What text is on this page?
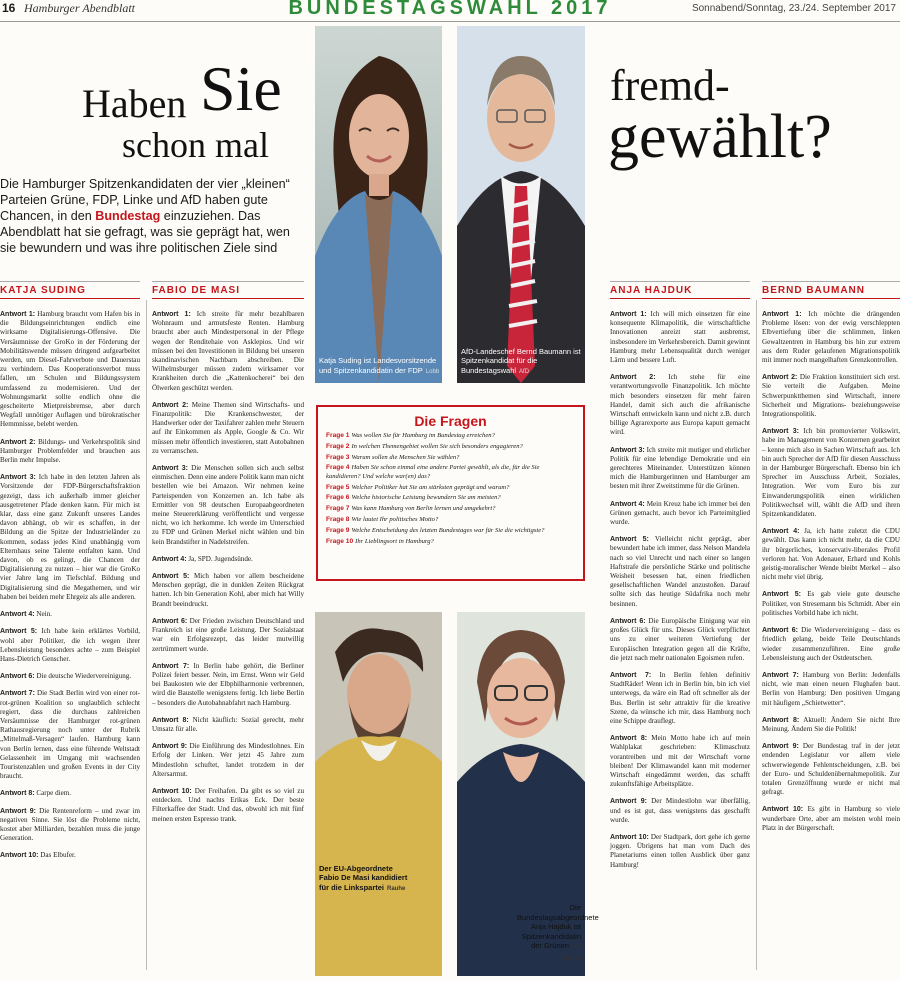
16 Hamburger Abendblatt	BUNDESTAGSWAHL 2017	Sonnabend/Sonntag, 23./24. September 2017
Haben Sie
schon mal
fremd-
gewählt?

Die Hamburger Spitzenkandidaten der vier „kleinen“ Parteien Grüne, FDP, Linke und AfD haben gute Chancen, in den Bundestag einzuziehen. Das Abendblatt hat sie gefragt, was sie geprägt hat, wen sie bewundern und was ihre politischen Ziele sind

Katja Suding ist Landesvorsitzende und Spitzenkandidatin der FDP Lobb
AfD-Landeschef Bernd Baumann ist Spitzenkandidat für die Bundestagswahl AfD
Der EU-Abgeordnete Fabio De Masi kandidiert für die Linkspartei Rauhe
Die Bundestagsabgeordnete Anja Hajduk ist Spitzenkandidatin der Grünen Die Grünen
KATJA SUDING	FABIO DE MASI	ANJA HAJDUK	BERND BAUMANN

Antwort 1: Hamburg braucht vom Hafen bis in die Bildungseinrichtungen endlich eine wirksame Digitalisierungs-Offensive. Die Versäumnisse der GroKo in der Förderung der Mobilitätswende müssen dringend aufgearbeitet werden, um Diesel-Fahrverbote und Dauerstau zu verhindern. Das Kooperationsverbot muss fallen, um Schulen und Bildungssystem umfassend zu modernisieren. Und der Wohnungsmarkt sollte endlich ohne die gescheiterte Mietpreisbremse, aber durch Wegfall unnötiger Auflagen und bürokratischer Hemmnisse, belebt werden.

Antwort 2: Bildungs- und Verkehrspolitik sind Hamburger Problemfelder und brauchen aus Berlin mehr Impulse.

Antwort 3: Ich habe in den letzten Jahren als Vorsitzende der FDP-Bürgerschaftsfraktion gezeigt, dass ich außerhalb immer gleicher ausgetretener Pfade denken kann. Für mich ist klar, dass eine ganz Zukunft unseres Landes davon abhängt, ob wir es schaffen, in der Bildung an die Spitze der Industrieländer zu kommen, sodass jedes Kind unabhängig vom Elternhaus seine Talente entfalten kann. Und davon, ob es gelingt, die Chancen der Digitalisierung zu nutzen – hier war die GroKo vier Jahre lang im Tiefschlaf. Bildung und Digitalisierung sind die Megathemen, und wir haben bei beiden mehr Ehrgeiz als alle anderen.

Antwort 4: Nein.

Antwort 5: Ich habe kein erklärtes Vorbild, wohl aber Politiker, die ich wegen ihrer Lebensleistung besonders achte – zum Beispiel Hans-Dietrich Genscher.

Antwort 6: Die deutsche Wiedervereinigung.

Antwort 7: Die Stadt Berlin wird von einer rot-rot-grünen Koalition so unglaublich schlecht regiert, dass die durchaus zahlreichen Versäumnisse der Hamburger rot-grünen Rathausregierung noch unter der Rubrik „Mittelmaß-Versagen“ laufen. Hamburg kann von Berlin lernen, dass eine führende Weltstadt Gelassenheit im Umgang mit wachsenden Touristenzahlen und großen Events in der City braucht.

Antwort 8: Carpe diem.

Antwort 9: Die Rentenreform – und zwar im negativen Sinne. Sie löst die Probleme nicht, kostet aber Milliarden, bezahlen muss die junge Generation.

Antwort 10: Das Elbufer.

Antwort 1: Ich streite für mehr bezahlbaren Wohnraum und armutsfeste Renten. Hamburg braucht aber auch Mindestpersonal in der Pflege wegen der Renditehaie von Asklepios. Und wir müssen bei den Investitionen in Bildung bei unseren skandinavischen Nachbarn abschreiben. Die Wilhelmsburger müssen zudem wirksamer vor Krankheiten durch die „Kattenkocherei“ bei den Ölwerken geschützt werden.

Antwort 2: Meine Themen sind Wirtschafts- und Finanzpolitik: Die Krankenschwester, der Handwerker oder der Taxifahrer zahlen mehr Steuern auf ihr Einkommen als Apple, Google & Co. Wir müssen mehr öffentlich investieren, statt Autobahnen zu verramschen.

Antwort 3: Die Menschen sollen sich auch selbst einmischen. Denn eine andere Politik kann man nicht bestellen wie bei Amazon. Wir nehmen keine Parteispenden von Konzernen an. Ich habe als Ermittler von 98 deutschen Europaabgeordneten meine Steuererklärung veröffentlicht und vergesse nicht, wo ich herkomme. Ich werde im Unterschied zu FDP und Grünen Merkel nicht wählen und bin kein Brandstifter in Nadelstreifen.

Antwort 4: Ja, SPD. Jugendsünde.

Antwort 5: Mich haben vor allem bescheidene Menschen geprägt, die in dunklen Zeiten Rückgrat hatten. Ich bin Generation Kohl, aber mich hat Willy Brandt beeindruckt.

Antwort 6: Der Frieden zwischen Deutschland und Frankreich ist eine große Leistung. Der Sozialstaat war ein Erfolgsrezept, das leider mutwillig zertrümmert wurde.

Antwort 7: In Berlin habe gehört, die Berliner Polizei feiert besser. Nein, im Ernst. Wenn wir Geld bei Baukosten wie der Elbphilharmonie verbrennen, wird die Baustelle wenigstens fertig. Ich liebe Berlin – besonders die Autobahnabfahrt nach Hamburg.

Antwort 8: Nicht käuflich: Sozial gerecht, mehr Umsatz für alle.

Antwort 9: Die Einführung des Mindestlohnes. Ein Erfolg der Linken. Wer jetzt 45 Jahre zum Mindestlohn schuftet, landet trotzdem in der Altersarmut.

Antwort 10: Der Freihafen. Da gibt es so viel zu entdecken. Und nachts Erikas Eck. Der beste Filterkaffee der Stadt. Und das, obwohl ich mit fünf meinen ersten Espresso trank.

Antwort 1: Ich will mich einsetzen für eine konsequente Klimapolitik, die wirtschaftliche Innovationen anreizt statt ausbremst, insbesondere im Verkehrsbereich. Damit gewinnt Hamburg mehr Lebensqualität durch weniger Lärm und bessere Luft.

Antwort 2: Ich stehe für eine verantwortungsvolle Finanzpolitik. Ich möchte mich besonders einsetzen für mehr fairen Handel, damit sich auch die afrikanische Wirtschaft entwickeln kann und nicht z.B. durch billige Agrarexporte aus Europa kaputt gemacht wird.

Antwort 3: Ich streite mit mutiger und ehrlicher Politik für eine lebendige Demokratie und ein gerechteres Miteinander. Unterstützen können mich die Hamburgerinnen und Hamburger am besten mit ihrer Zweitstimme für die Grünen.

Antwort 4: Mein Kreuz habe ich immer bei den Grünen gemacht, auch bevor ich Parteimitglied wurde.

Antwort 5: Vielleicht nicht geprägt, aber bewundert habe ich immer, dass Nelson Mandela nach so viel Unrecht und nach einer so langen Haftstrafe die persönliche Stärke und politische Weisheit besessen hat, einen friedlichen gesellschaftlichen Wandel anzustoßen. Darauf sollte sich das heutige Südafrika noch mehr besinnen.

Antwort 6: Die Europäische Einigung war ein großes Glück für uns. Dieses Glück verpflichtet uns zu einer weiteren Vertiefung der Europäischen Integration gegen all die Kräfte, die jetzt nach mehr nationalen Egoismen rufen.

Antwort 7: In Berlin fehlen definitiv StadtRäder! Wenn ich in Berlin bin, bin ich viel unterwegs, da wäre ein Rad oft schneller als der Bus. Berlin ist sehr attraktiv für die kreative Szene, da wünsche ich mir, dass Hamburg noch eine Schippe drauflegt.

Antwort 8: Mein Motto habe ich auf mein Wahlplakat geschrieben: Klimaschutz vorantreiben und mit der Wirtschaft vorne bleiben! Der Klimawandel kann mit moderner Wirtschaft eingedämmt werden, das schafft zukunftsfähige Arbeitsplätze.

Antwort 9: Der Mindestlohn war überfällig, und es ist gut, dass wenigstens das geschafft wurde.

Antwort 10: Der Stadtpark, dort gehe ich gerne joggen. Übrigens hat man vom Dach des Planetariums einen tollen Ausblick über ganz Hamburg!

Antwort 1: Ich möchte die drängenden Probleme lösen: von der ewig verschleppten Elbvertiefung über die schlimmen, linken Gewaltzentren in Hamburg bis hin zur extrem aus dem Ruder gelaufenen Migrationspolitik mit immer noch mangelhaften Grenzkontrollen.

Antwort 2: Die Fraktion konstituiert sich erst. Sie verteilt die Aufgaben. Meine Schwerpunktthemen sind Wirtschaft, innere Sicherheit und Migrations- beziehungsweise Integrationspolitik.

Antwort 3: Ich bin promovierter Volkswirt, habe im Management von Konzernen gearbeitet – kenne mich also in Sachen Wirtschaft aus. Ich bin auch Sprecher der AfD für diesen Ausschuss in der Hamburger Bürgerschaft. Ebenso bin ich Sprecher im Ausschuss Arbeit, Soziales, Integration. Wer vom Euro bis zur Einwanderungspolitik einen wirklichen Politikwechsel will, wählt die AfD und ihren Spitzenkandidaten.

Antwort 4: Ja, ich hatte zuletzt die CDU gewählt. Das kann ich nicht mehr, da die CDU ihr bürgerliches, konservativ-liberales Profil verloren hat. Von Adenauer, Erhard und Kohls geistig-moralischer Wende bleibt Merkel – also nicht mehr viel übrig.

Antwort 5: Es gab viele gute deutsche Politiker, von Stresemann bis Schmidt. Aber ein politisches Vorbild habe ich nicht.

Antwort 6: Die Wiedervereinigung – dass es friedlich gelang, beide Teile Deutschlands wieder zusammenzuführen. Eine große Lebensleistung auch der Ostdeutschen.

Antwort 7: Hamburg von Berlin: Jedenfalls nicht, wie man einen neuen Flughafen baut. Berlin von Hamburg: Den positiven Umgang mit häufigem „Schietwetter“.

Antwort 8: Aktuell: Ändern Sie nicht Ihre Meinung. Ändern Sie die Politik!

Antwort 9: Der Bundestag traf in der jetzt endenden Legislatur vor allem viele schwerwiegende Fehlentscheidungen, z.B. bei der Euro- und Schuldenübernahmepolitik. Zur totalen Grenzöffnung wurde er nicht mal gefragt.

Antwort 10: Es gibt in Hamburg so viele wunderbare Orte, aber am meisten wohl mein Platz in der Bürgerschaft.

Die Fragen
Frage 1 Was wollen Sie für Hamburg im Bundestag erreichen?
Frage 2 In welchen Themengebiet wollen Sie sich besonders engagieren?
Frage 3 Warum sollen die Menschen Sie wählen?
Frage 4 Haben Sie schon einmal eine andere Partei gewählt, als die, für die Sie kandidieren? Und welche war(en) das?
Frage 5 Welcher Politiker hat Sie am stärksten geprägt und warum?
Frage 6 Welche historische Leistung bewundern Sie am meisten?
Frage 7 Was kann Hamburg von Berlin lernen und umgekehrt?
Frage 8 Wie lautet Ihr politisches Motto?
Frage 9 Welche Entscheidung des letzten Bundestages war für Sie die wichtigste?
Frage 10 Ihr Lieblingsort in Hamburg?
